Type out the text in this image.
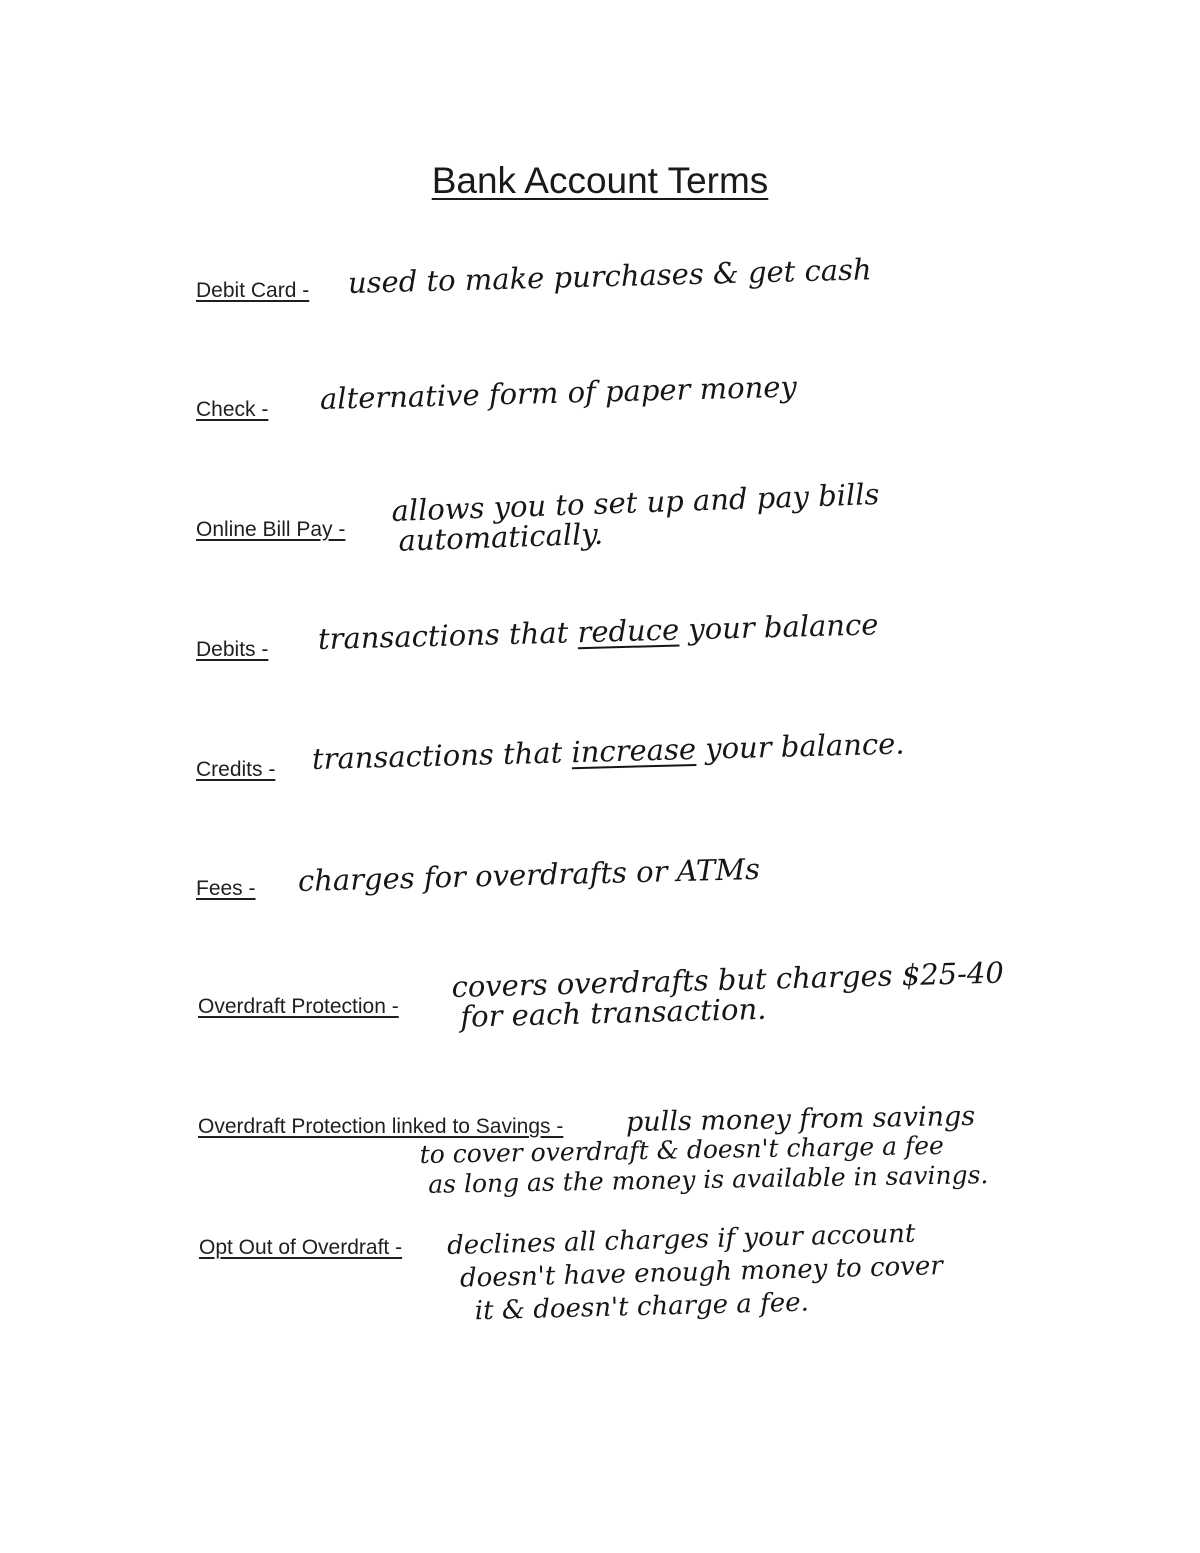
Bank Account Terms
Debit Card - used to make purchases & get cash
Check - alternative form of paper money
Online Bill Pay -
allows you to set up and pay bills
automatically.
Debits - transactions that reduce your balance
Credits - transactions that increase your balance.
Fees - charges for overdrafts or ATMs
Overdraft Protection -
covers overdrafts but charges $25-40
for each transaction.
Overdraft Protection linked to Savings - pulls money from savings
to cover overdraft & doesn't charge a fee
as long as the money is available in savings.
Opt Out of Overdraft - declines all charges if your account
doesn't have enough money to cover
it & doesn't charge a fee.
